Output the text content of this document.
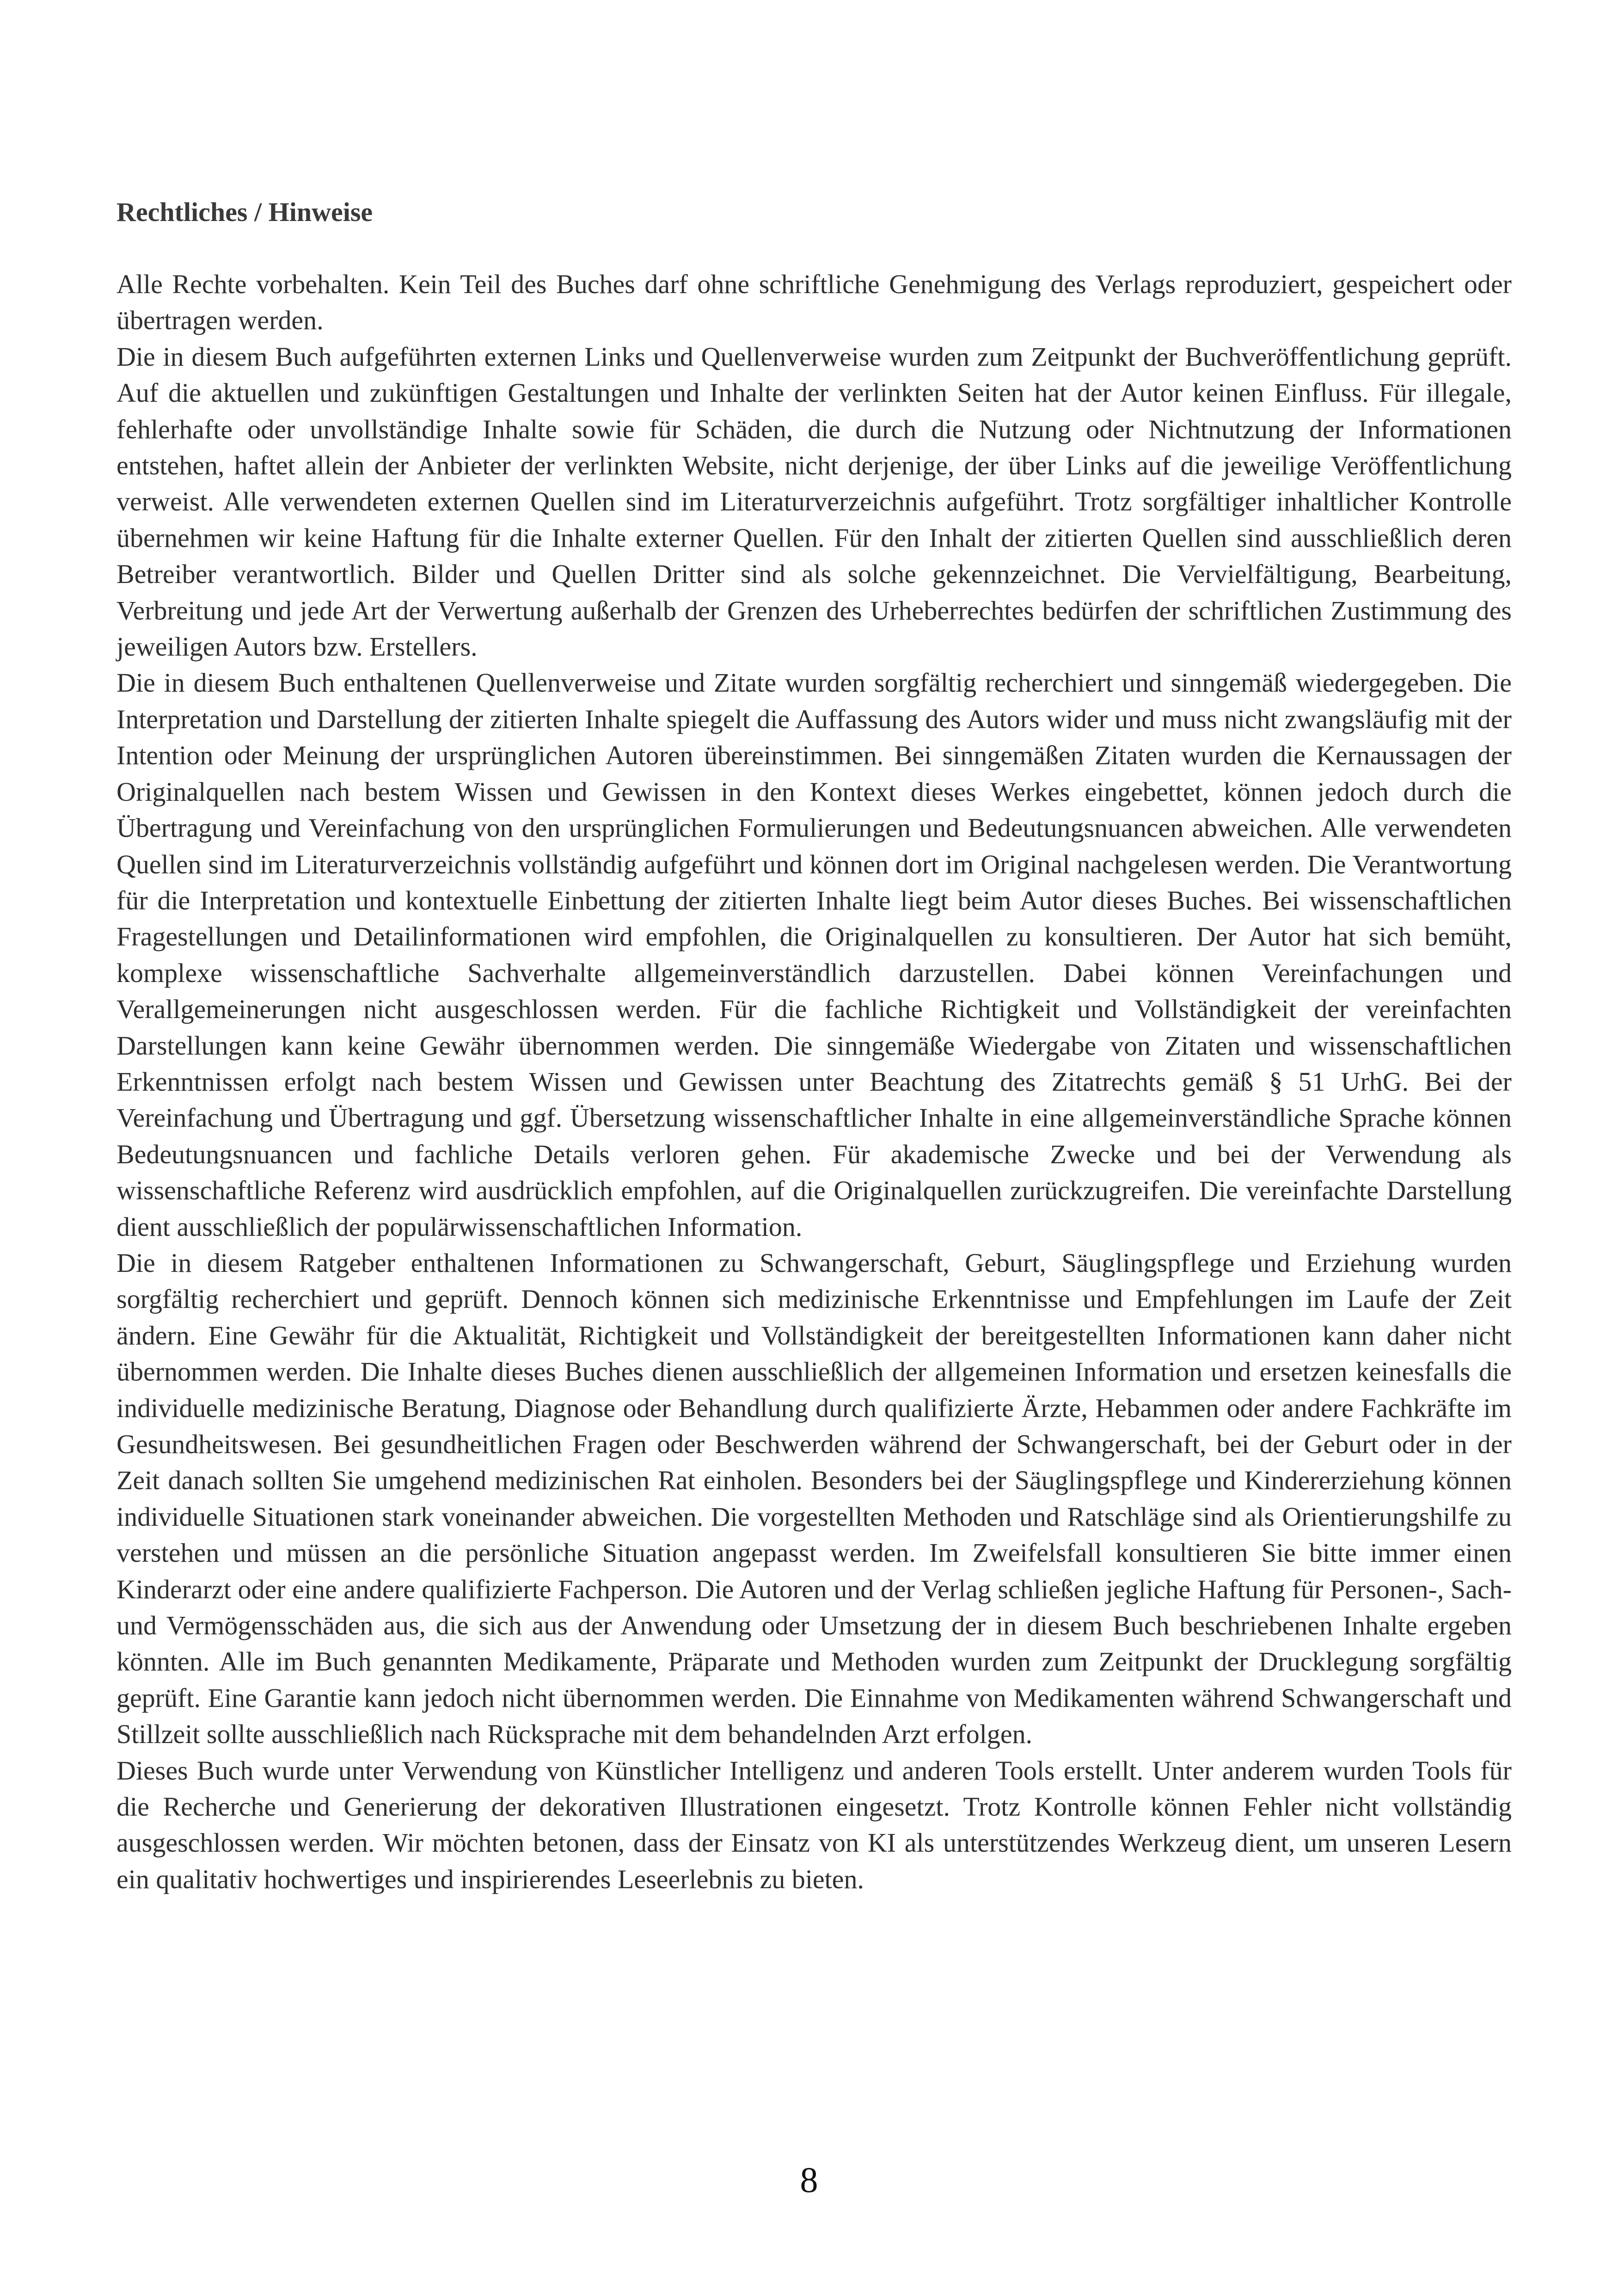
Rechtliches / Hinweise

Alle Rechte vorbehalten. Kein Teil des Buches darf ohne schriftliche Genehmigung des Verlags reproduziert, gespeichert oder übertragen werden.

Die in diesem Buch aufgeführten externen Links und Quellenverweise wurden zum Zeitpunkt der Buchveröffentlichung geprüft. Auf die aktuellen und zukünftigen Gestaltungen und Inhalte der verlinkten Seiten hat der Autor keinen Einfluss. Für illegale, fehlerhafte oder unvollständige Inhalte sowie für Schäden, die durch die Nutzung oder Nichtnutzung der Informationen entstehen, haftet allein der Anbieter der verlinkten Website, nicht derjenige, der über Links auf die jeweilige Veröffentlichung verweist. Alle verwendeten externen Quellen sind im Literaturverzeichnis aufgeführt. Trotz sorgfältiger inhaltlicher Kontrolle übernehmen wir keine Haftung für die Inhalte externer Quellen. Für den Inhalt der zitierten Quellen sind ausschließlich deren Betreiber verantwortlich. Bilder und Quellen Dritter sind als solche gekennzeichnet. Die Vervielfältigung, Bearbeitung, Verbreitung und jede Art der Verwertung außerhalb der Grenzen des Urheberrechtes bedürfen der schriftlichen Zustimmung des jeweiligen Autors bzw. Erstellers.

Die in diesem Buch enthaltenen Quellenverweise und Zitate wurden sorgfältig recherchiert und sinngemäß wiedergegeben. Die Interpretation und Darstellung der zitierten Inhalte spiegelt die Auffassung des Autors wider und muss nicht zwangsläufig mit der Intention oder Meinung der ursprünglichen Autoren übereinstimmen. Bei sinngemäßen Zitaten wurden die Kernaussagen der Originalquellen nach bestem Wissen und Gewissen in den Kontext dieses Werkes eingebettet, können jedoch durch die Übertragung und Vereinfachung von den ursprünglichen Formulierungen und Bedeutungsnuancen abweichen. Alle verwendeten Quellen sind im Literaturverzeichnis vollständig aufgeführt und können dort im Original nachgelesen werden. Die Verantwortung für die Interpretation und kontextuelle Einbettung der zitierten Inhalte liegt beim Autor dieses Buches. Bei wissenschaftlichen Fragestellungen und Detailinformationen wird empfohlen, die Originalquellen zu konsultieren. Der Autor hat sich bemüht, komplexe wissenschaftliche Sachverhalte allgemeinverständlich darzustellen. Dabei können Vereinfachungen und Verallgemeinerungen nicht ausgeschlossen werden. Für die fachliche Richtigkeit und Vollständigkeit der vereinfachten Darstellungen kann keine Gewähr übernommen werden. Die sinngemäße Wiedergabe von Zitaten und wissenschaftlichen Erkenntnissen erfolgt nach bestem Wissen und Gewissen unter Beachtung des Zitatrechts gemäß § 51 UrhG. Bei der Vereinfachung und Übertragung und ggf. Übersetzung wissenschaftlicher Inhalte in eine allgemeinverständliche Sprache können Bedeutungsnuancen und fachliche Details verloren gehen. Für akademische Zwecke und bei der Verwendung als wissenschaftliche Referenz wird ausdrücklich empfohlen, auf die Originalquellen zurückzugreifen. Die vereinfachte Darstellung dient ausschließlich der populärwissenschaftlichen Information.

Die in diesem Ratgeber enthaltenen Informationen zu Schwangerschaft, Geburt, Säuglingspflege und Erziehung wurden sorgfältig recherchiert und geprüft. Dennoch können sich medizinische Erkenntnisse und Empfehlungen im Laufe der Zeit ändern. Eine Gewähr für die Aktualität, Richtigkeit und Vollständigkeit der bereitgestellten Informationen kann daher nicht übernommen werden. Die Inhalte dieses Buches dienen ausschließlich der allgemeinen Information und ersetzen keinesfalls die individuelle medizinische Beratung, Diagnose oder Behandlung durch qualifizierte Ärzte, Hebammen oder andere Fachkräfte im Gesundheitswesen. Bei gesundheitlichen Fragen oder Beschwerden während der Schwangerschaft, bei der Geburt oder in der Zeit danach sollten Sie umgehend medizinischen Rat einholen. Besonders bei der Säuglingspflege und Kindererziehung können individuelle Situationen stark voneinander abweichen. Die vorgestellten Methoden und Ratschläge sind als Orientierungshilfe zu verstehen und müssen an die persönliche Situation angepasst werden. Im Zweifelsfall konsultieren Sie bitte immer einen Kinderarzt oder eine andere qualifizierte Fachperson. Die Autoren und der Verlag schließen jegliche Haftung für Personen-, Sach- und Vermögensschäden aus, die sich aus der Anwendung oder Umsetzung der in diesem Buch beschriebenen Inhalte ergeben könnten. Alle im Buch genannten Medikamente, Präparate und Methoden wurden zum Zeitpunkt der Drucklegung sorgfältig geprüft. Eine Garantie kann jedoch nicht übernommen werden. Die Einnahme von Medikamenten während Schwangerschaft und Stillzeit sollte ausschließlich nach Rücksprache mit dem behandelnden Arzt erfolgen.

Dieses Buch wurde unter Verwendung von Künstlicher Intelligenz und anderen Tools erstellt. Unter anderem wurden Tools für die Recherche und Generierung der dekorativen Illustrationen eingesetzt. Trotz Kontrolle können Fehler nicht vollständig ausgeschlossen werden. Wir möchten betonen, dass der Einsatz von KI als unterstützendes Werkzeug dient, um unseren Lesern ein qualitativ hochwertiges und inspirierendes Leseerlebnis zu bieten.

8
